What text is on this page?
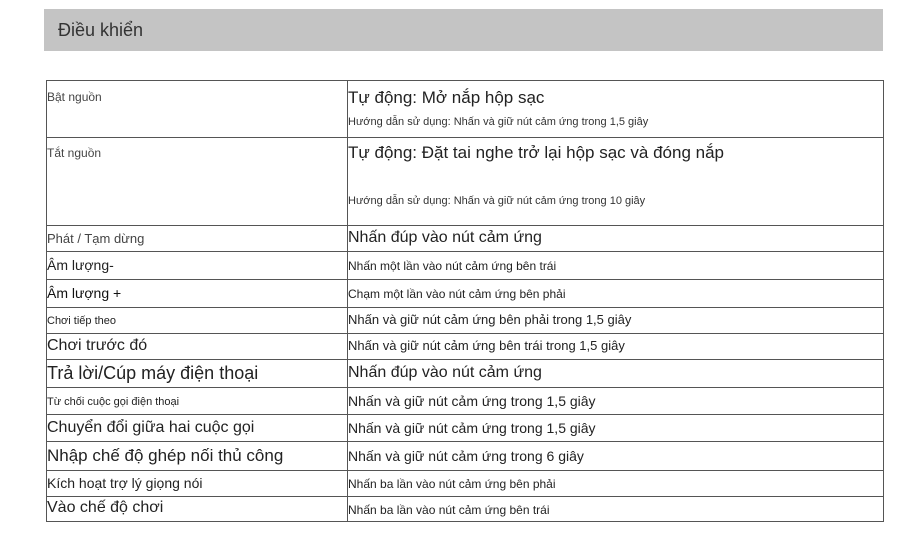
Điều khiển
Bật nguồn	Tự động: Mở nắp hộp sạc
Hướng dẫn sử dụng: Nhấn và giữ nút cảm ứng trong 1,5 giây

Tắt nguồn	Tự động: Đặt tai nghe trở lại hộp sạc và đóng nắp
Hướng dẫn sử dụng: Nhấn và giữ nút cảm ứng trong 10 giây

Phát / Tạm dừng	Nhấn đúp vào nút cảm ứng

Âm lượng-	Nhấn một lần vào nút cảm ứng bên trái

Âm lượng +	Chạm một lần vào nút cảm ứng bên phải

Chơi tiếp theo	Nhấn và giữ nút cảm ứng bên phải trong 1,5 giây

Chơi trước đó	Nhấn và giữ nút cảm ứng bên trái trong 1,5 giây

Trả lời/Cúp máy điện thoại	Nhấn đúp vào nút cảm ứng

Từ chối cuộc gọi điện thoại	Nhấn và giữ nút cảm ứng trong 1,5 giây

Chuyển đổi giữa hai cuộc gọi	Nhấn và giữ nút cảm ứng trong 1,5 giây

Nhập chế độ ghép nối thủ công	Nhấn và giữ nút cảm ứng trong 6 giây

Kích hoạt trợ lý giọng nói	Nhấn ba lần vào nút cảm ứng bên phải

Vào chế độ chơi	Nhấn ba lần vào nút cảm ứng bên trái
